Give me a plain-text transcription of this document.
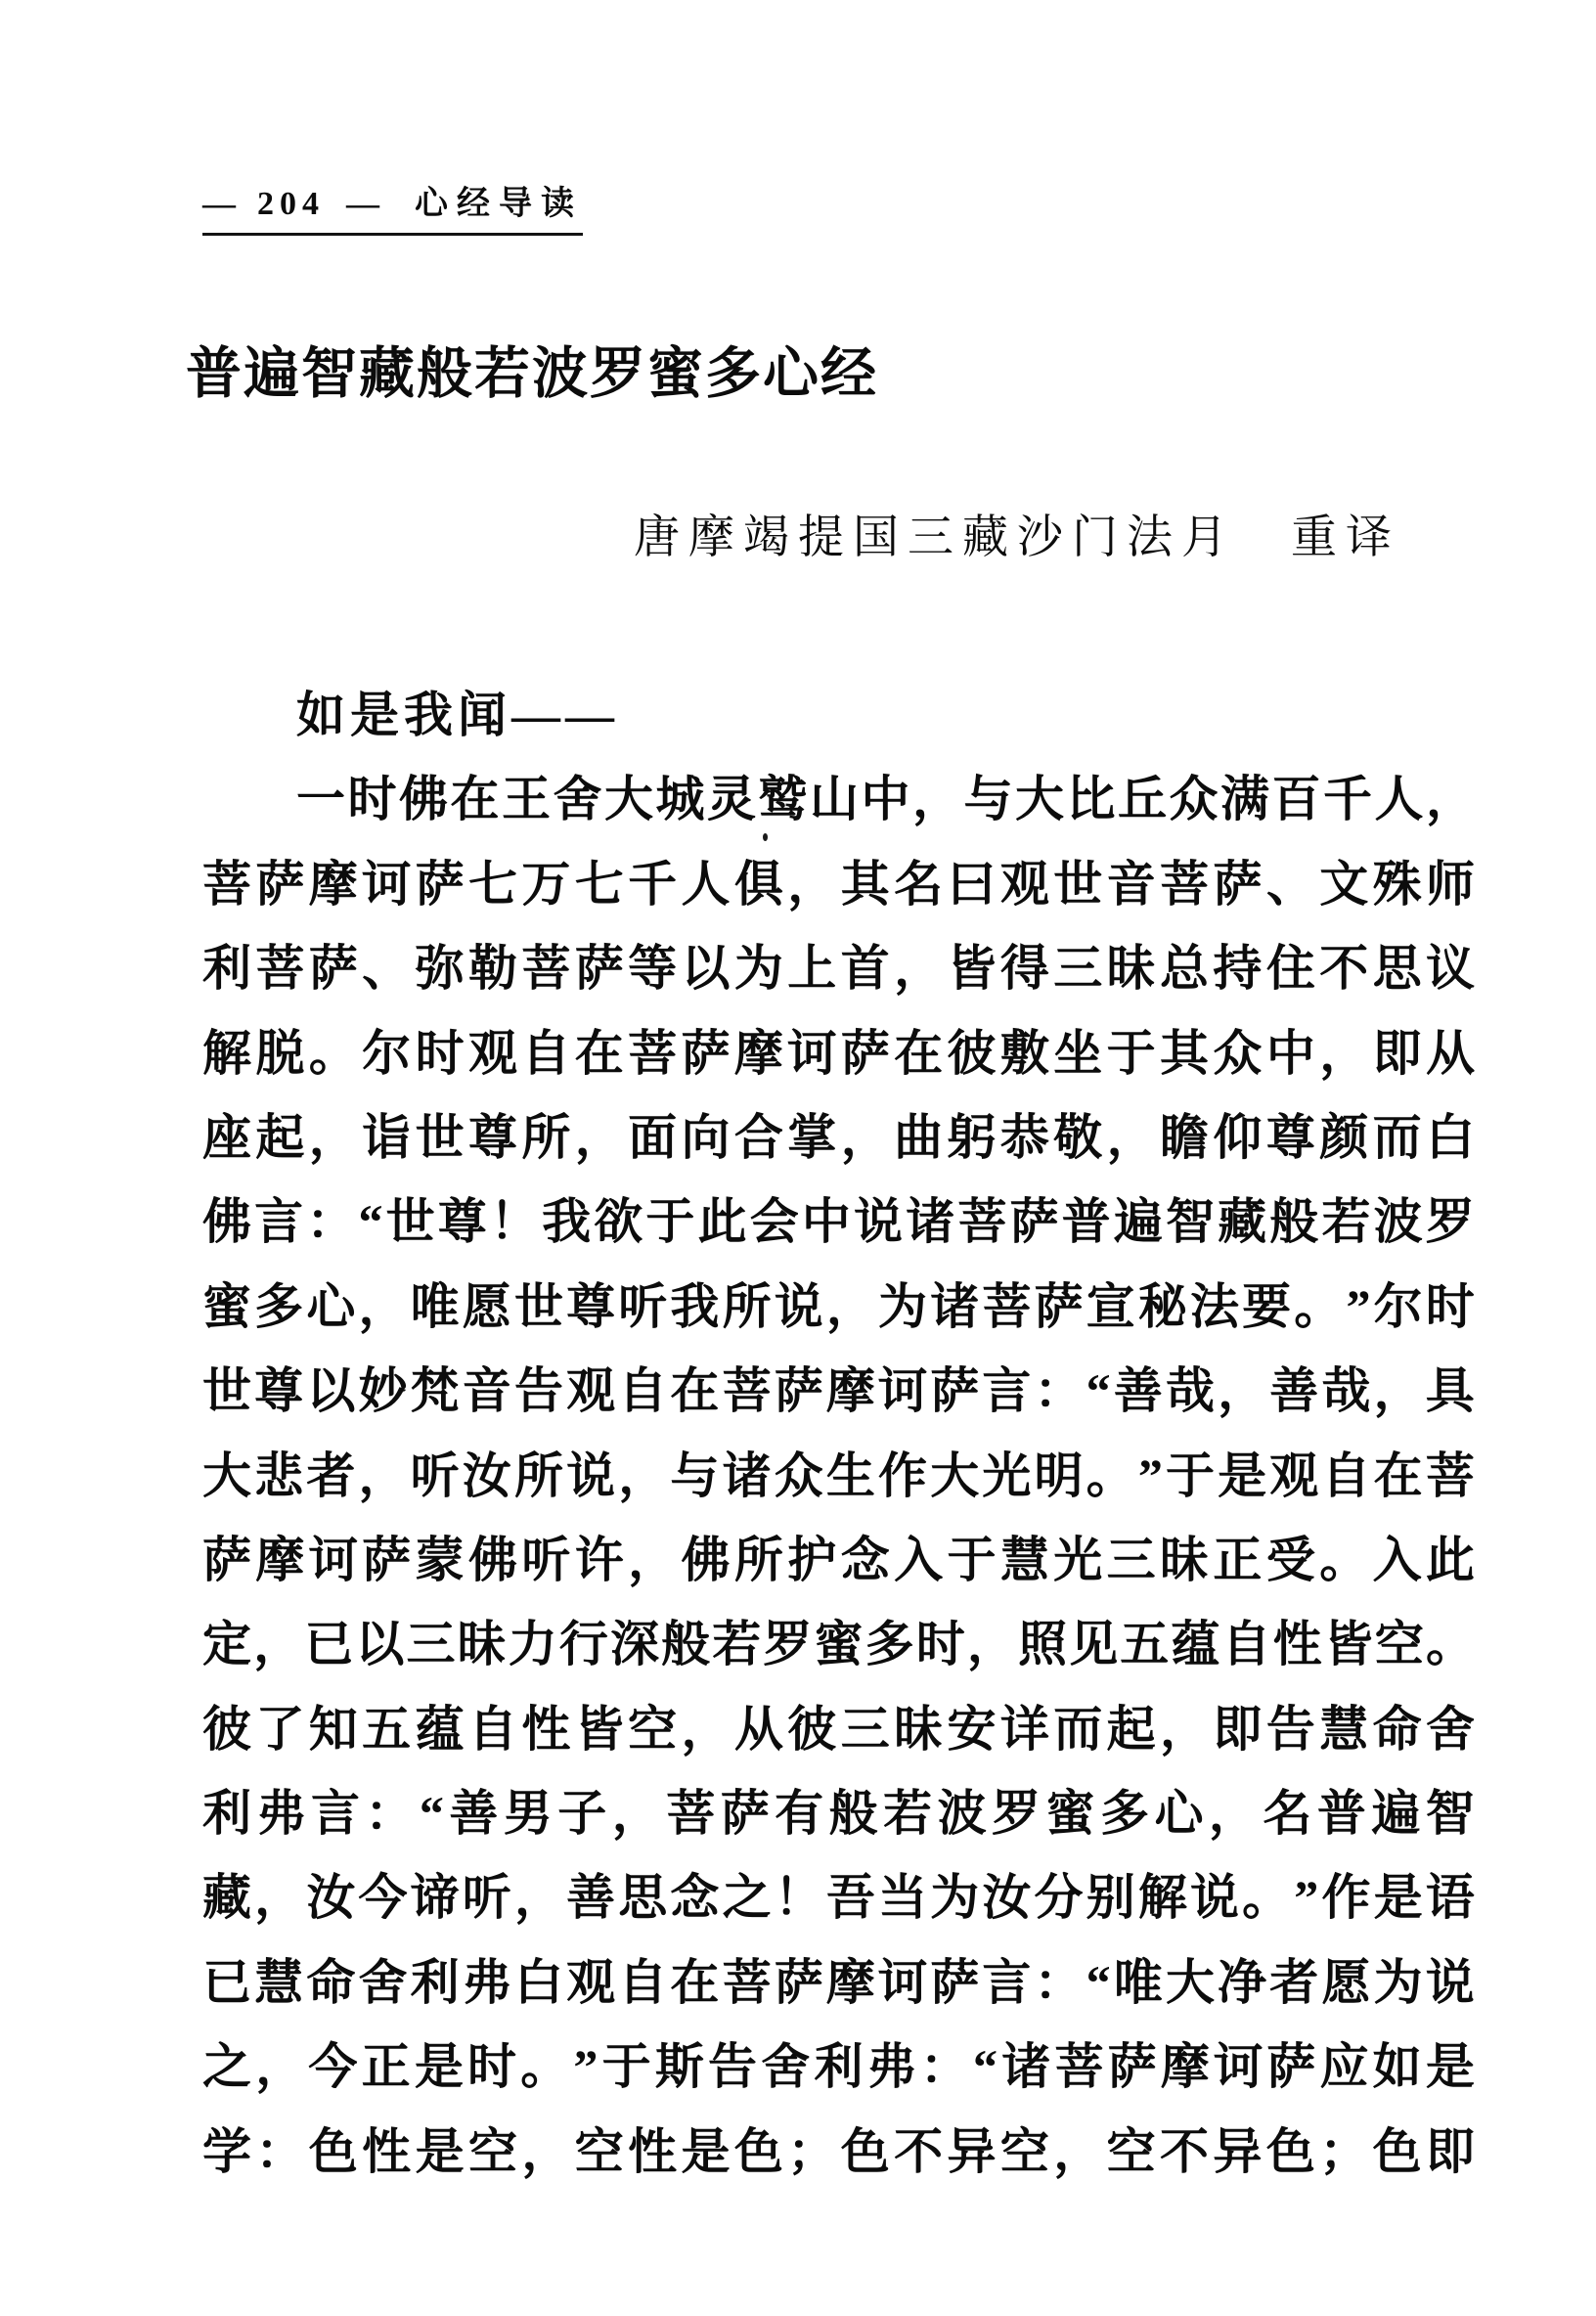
— 204 — 心经导读
普遍智藏般若波罗蜜多心经
唐摩竭提国三藏沙门法月　重译
如是我闻——
一 时 佛 在 王 舍 大 城 灵 鹫 山 中 ， 与 大 比 丘 众 满 百 千 人 ，
菩 萨 摩 诃 萨 七 万 七 千 人 俱 ， 其 名 曰 观 世 音 菩 萨 、 文 殊 师
利 菩 萨 、 弥 勒 菩 萨 等 以 为 上 首 ， 皆 得 三 昧 总 持 住 不 思 议
解 脱 。 尔 时 观 自 在 菩 萨 摩 诃 萨 在 彼 敷 坐 于 其 众 中 ， 即 从
座 起 ， 诣 世 尊 所 ， 面 向 合 掌 ， 曲 躬 恭 敬 ， 瞻 仰 尊 颜 而 白
佛 言 ： “ 世 尊 ！ 我 欲 于 此 会 中 说 诸 菩 萨 普 遍 智 藏 般 若 波 罗
蜜 多 心 ， 唯 愿 世 尊 听 我 所 说 ， 为 诸 菩 萨 宣 秘 法 要 。 ” 尔 时
世 尊 以 妙 梵 音 告 观 自 在 菩 萨 摩 诃 萨 言 ： “ 善 哉 ， 善 哉 ， 具
大 悲 者 ， 听 汝 所 说 ， 与 诸 众 生 作 大 光 明 。 ” 于 是 观 自 在 菩
萨 摩 诃 萨 蒙 佛 听 许 ， 佛 所 护 念 入 于 慧 光 三 昧 正 受 。 入 此
定 ， 已 以 三 昧 力 行 深 般 若 罗 蜜 多 时 ， 照 见 五 蕴 自 性 皆 空 。
彼 了 知 五 蕴 自 性 皆 空 ， 从 彼 三 昧 安 详 而 起 ， 即 告 慧 命 舍
利 弗 言 ： “ 善 男 子 ， 菩 萨 有 般 若 波 罗 蜜 多 心 ， 名 普 遍 智
藏 ， 汝 今 谛 听 ， 善 思 念 之 ！ 吾 当 为 汝 分 别 解 说 。 ” 作 是 语
已 慧 命 舍 利 弗 白 观 自 在 菩 萨 摩 诃 萨 言 ： “ 唯 大 净 者 愿 为 说
之 ， 今 正 是 时 。 ” 于 斯 告 舍 利 弗 ： “ 诸 菩 萨 摩 诃 萨 应 如 是
学 ： 色 性 是 空 ， 空 性 是 色 ； 色 不 异 空 ， 空 不 异 色 ； 色 即
